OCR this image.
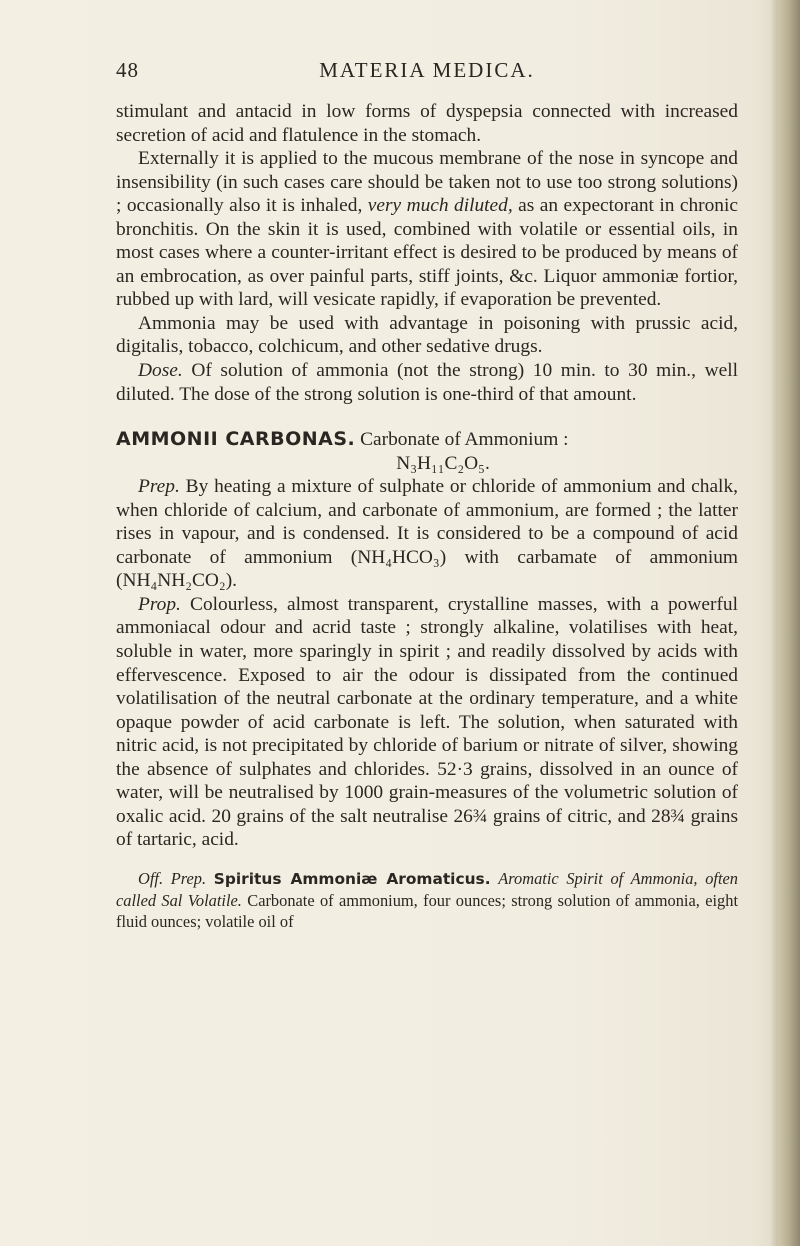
48	MATERIA MEDICA.

stimulant and antacid in low forms of dyspepsia connected with increased secretion of acid and flatulence in the stomach.

Externally it is applied to the mucous membrane of the nose in syncope and insensibility (in such cases care should be taken not to use too strong solutions) ; occasionally also it is inhaled, very much diluted, as an expectorant in chronic bronchitis. On the skin it is used, combined with volatile or essential oils, in most cases where a counter-irritant effect is desired to be produced by means of an embrocation, as over painful parts, stiff joints, &c. Liquor ammoniæ fortior, rubbed up with lard, will vesicate rapidly, if evaporation be prevented.

Ammonia may be used with advantage in poisoning with prussic acid, digitalis, tobacco, colchicum, and other sedative drugs.

Dose. Of solution of ammonia (not the strong) 10 min. to 30 min., well diluted. The dose of the strong solution is one-third of that amount.

AMMONII CARBONAS. Carbonate of Ammonium :

N₃H₁₁C₂O₅.

Prep. By heating a mixture of sulphate or chloride of ammonium and chalk, when chloride of calcium, and carbonate of ammonium, are formed ; the latter rises in vapour, and is condensed. It is considered to be a compound of acid carbonate of ammonium (NH₄HCO₃) with carbamate of ammonium (NH₄NH₂CO₂).

Prop. Colourless, almost transparent, crystalline masses, with a powerful ammoniacal odour and acrid taste ; strongly alkaline, volatilises with heat, soluble in water, more sparingly in spirit ; and readily dissolved by acids with effervescence. Exposed to air the odour is dissipated from the continued volatilisation of the neutral carbonate at the ordinary temperature, and a white opaque powder of acid carbonate is left. The solution, when saturated with nitric acid, is not precipitated by chloride of barium or nitrate of silver, showing the absence of sulphates and chlorides. 52·3 grains, dissolved in an ounce of water, will be neutralised by 1000 grain-measures of the volumetric solution of oxalic acid. 20 grains of the salt neutralise 26¾ grains of citric, and 28¾ grains of tartaric, acid.

Off. Prep. Spiritus Ammoniæ Aromaticus. Aromatic Spirit of Ammonia, often called Sal Volatile. Carbonate of ammonium, four ounces; strong solution of ammonia, eight fluid ounces; volatile oil of
